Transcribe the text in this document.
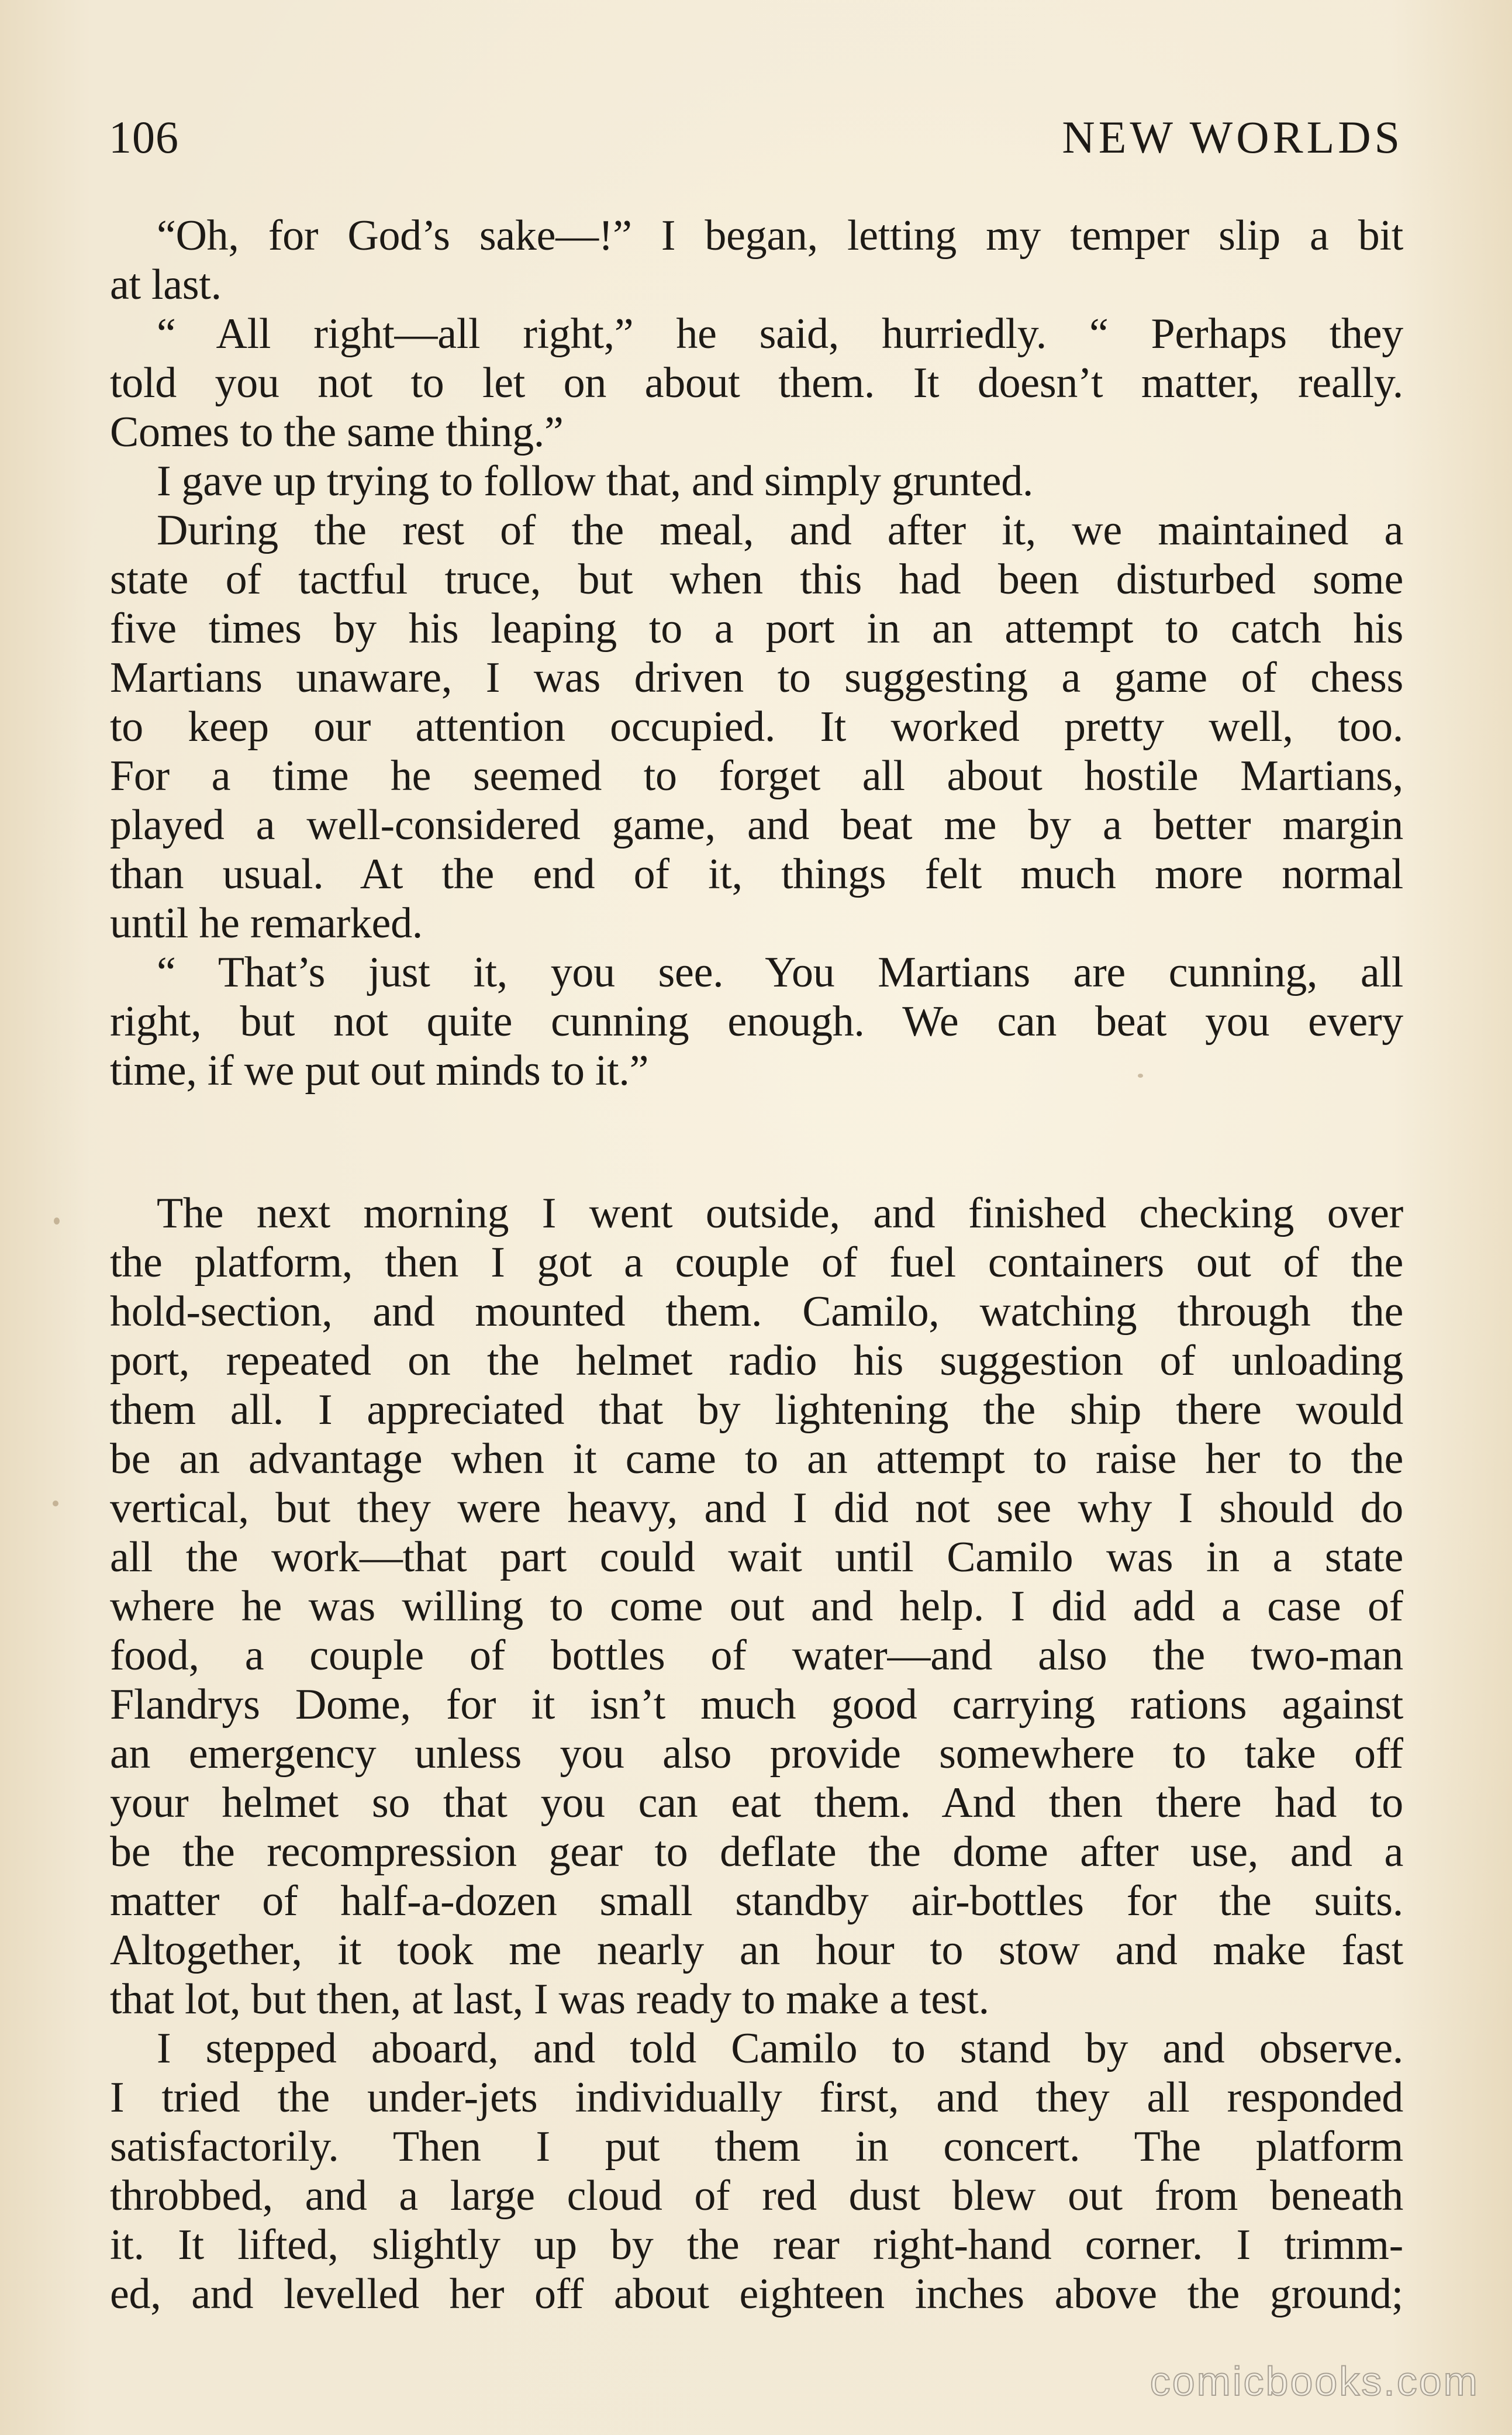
106	NEW WORLDS
“Oh, for God’s sake—!” I began, letting my temper slip a bit
at last.
“ All right—all right,” he said, hurriedly. “ Perhaps they
told you not to let on about them. It doesn’t matter, really.
Comes to the same thing.”
I gave up trying to follow that, and simply grunted.
During the rest of the meal, and after it, we maintained a
state of tactful truce, but when this had been disturbed some
five times by his leaping to a port in an attempt to catch his
Martians unaware, I was driven to suggesting a game of chess
to keep our attention occupied. It worked pretty well, too.
For a time he seemed to forget all about hostile Martians,
played a well-considered game, and beat me by a better margin
than usual. At the end of it, things felt much more normal
until he remarked.
“ That’s just it, you see. You Martians are cunning, all
right, but not quite cunning enough. We can beat you every
time, if we put out minds to it.”
The next morning I went outside, and finished checking over
the platform, then I got a couple of fuel containers out of the
hold-section, and mounted them. Camilo, watching through the
port, repeated on the helmet radio his suggestion of unloading
them all. I appreciated that by lightening the ship there would
be an advantage when it came to an attempt to raise her to the
vertical, but they were heavy, and I did not see why I should do
all the work—that part could wait until Camilo was in a state
where he was willing to come out and help. I did add a case of
food, a couple of bottles of water—and also the two-man
Flandrys Dome, for it isn’t much good carrying rations against
an emergency unless you also provide somewhere to take off
your helmet so that you can eat them. And then there had to
be the recompression gear to deflate the dome after use, and a
matter of half-a-dozen small standby air-bottles for the suits.
Altogether, it took me nearly an hour to stow and make fast
that lot, but then, at last, I was ready to make a test.
I stepped aboard, and told Camilo to stand by and observe.
I tried the under-jets individually first, and they all responded
satisfactorily. Then I put them in concert. The platform
throbbed, and a large cloud of red dust blew out from beneath
it. It lifted, slightly up by the rear right-hand corner. I trimm-
ed, and levelled her off about eighteen inches above the ground;
comicbooks.com
